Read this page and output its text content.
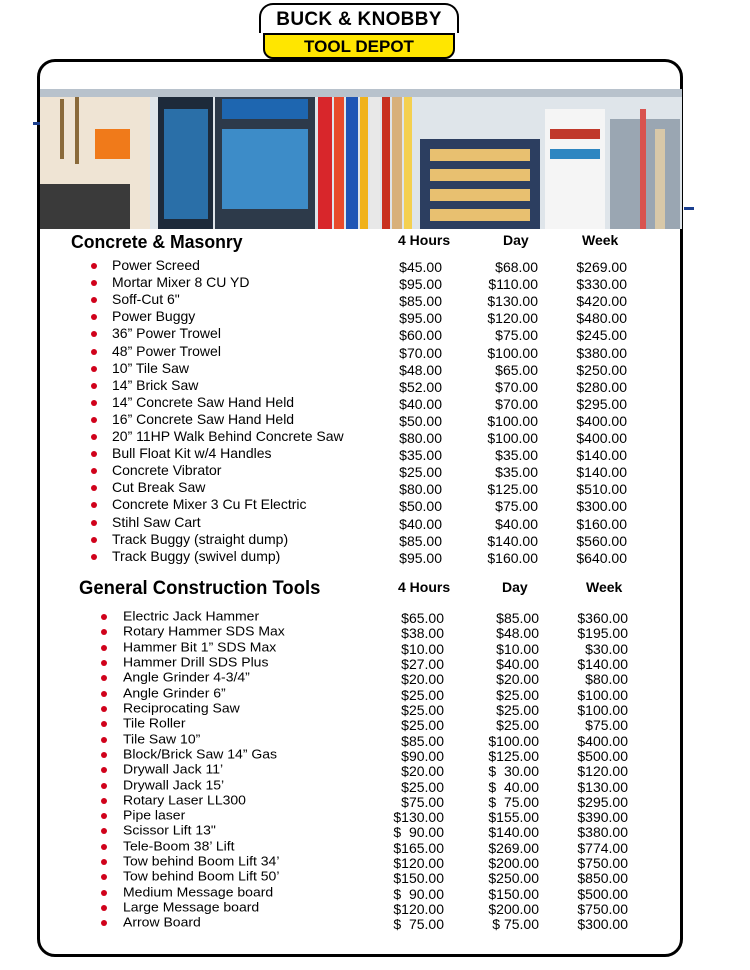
BUCK & KNOBBY
TOOL DEPOT
Concrete & Masonry	4 Hours	Day	Week
Power Screed	$45.00	$68.00	$269.00
Mortar Mixer 8 CU YD	$95.00	$110.00	$330.00
Soff-Cut 6"	$85.00	$130.00	$420.00
Power Buggy	$95.00	$120.00	$480.00
36” Power Trowel	$60.00	$75.00	$245.00
48” Power Trowel	$70.00	$100.00	$380.00
10” Tile Saw	$48.00	$65.00	$250.00
14” Brick Saw	$52.00	$70.00	$280.00
14” Concrete Saw Hand Held	$40.00	$70.00	$295.00
16” Concrete Saw Hand Held	$50.00	$100.00	$400.00
20” 11HP Walk Behind Concrete Saw	$80.00	$100.00	$400.00
Bull Float Kit w/4 Handles	$35.00	$35.00	$140.00
Concrete Vibrator	$25.00	$35.00	$140.00
Cut Break Saw	$80.00	$125.00	$510.00
Concrete Mixer 3 Cu Ft Electric	$50.00	$75.00	$300.00
Stihl Saw Cart	$40.00	$40.00	$160.00
Track Buggy (straight dump)	$85.00	$140.00	$560.00
Track Buggy (swivel dump)	$95.00	$160.00	$640.00
General Construction Tools	4 Hours	Day	Week
Electric Jack Hammer	$65.00	$85.00	$360.00
Rotary Hammer SDS Max	$38.00	$48.00	$195.00
Hammer Bit 1” SDS Max	$10.00	$10.00	$30.00
Hammer Drill SDS Plus	$27.00	$40.00	$140.00
Angle Grinder 4-3/4”	$20.00	$20.00	$80.00
Angle Grinder 6”	$25.00	$25.00	$100.00
Reciprocating Saw	$25.00	$25.00	$100.00
Tile Roller	$25.00	$25.00	$75.00
Tile Saw 10”	$85.00	$100.00	$400.00
Block/Brick Saw 14” Gas	$90.00	$125.00	$500.00
Drywall Jack 11’	$20.00	$  30.00	$120.00
Drywall Jack 15’	$25.00	$  40.00	$130.00
Rotary Laser LL300	$75.00	$  75.00	$295.00
Pipe laser	$130.00	$155.00	$390.00
Scissor Lift 13"	$  90.00	$140.00	$380.00
Tele-Boom 38’ Lift	$165.00	$269.00	$774.00
Tow behind Boom Lift 34’	$120.00	$200.00	$750.00
Tow behind Boom Lift 50’	$150.00	$250.00	$850.00
Medium Message board	$  90.00	$150.00	$500.00
Large Message board	$120.00	$200.00	$750.00
Arrow Board	$  75.00	$ 75.00	$300.00
